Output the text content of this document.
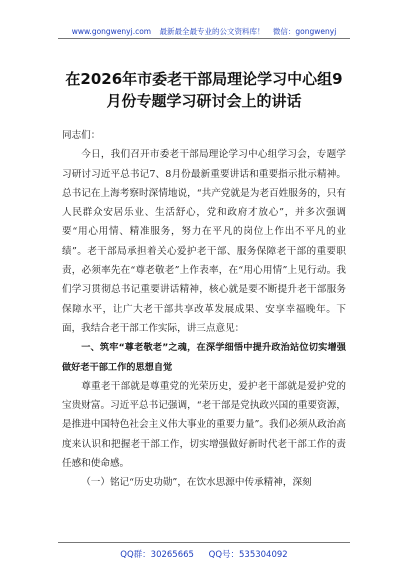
www.gongwenyj.com 最新最全最专业的公文资料库！ 微信：gongwenyj
在2026年市委老干部局理论学习中心组9月份专题学习研讨会上的讲话

同志们：

今日，我们召开市委老干部局理论学习中心组学习会，专题学习研讨习近平总书记7、8月份最新重要讲话和重要指示批示精神。总书记在上海考察时深情地说，“共产党就是为老百姓服务的，只有人民群众安居乐业、生活舒心，党和政府才放心”，并多次强调要“用心用情、精准服务，努力在平凡的岗位上作出不平凡的业绩”。老干部局承担着关心爱护老干部、服务保障老干部的重要职责，必须率先在“尊老敬老”上作表率，在“用心用情”上见行动。我们学习贯彻总书记重要讲话精神，核心就是要不断提升老干部服务保障水平，让广大老干部共享改革发展成果、安享幸福晚年。下面，我结合老干部工作实际，讲三点意见：

一、筑牢“尊老敬老”之魂，在深学细悟中提升政治站位切实增强做好老干部工作的思想自觉

尊重老干部就是尊重党的光荣历史，爱护老干部就是爱护党的宝贵财富。习近平总书记强调，“老干部是党执政兴国的重要资源，是推进中国特色社会主义伟大事业的重要力量”。我们必须从政治高度来认识和把握老干部工作，切实增强做好新时代老干部工作的责任感和使命感。

（一）铭记“历史功勋”，在饮水思源中传承精神，深刻

QQ群：30265665 QQ号：535304092
